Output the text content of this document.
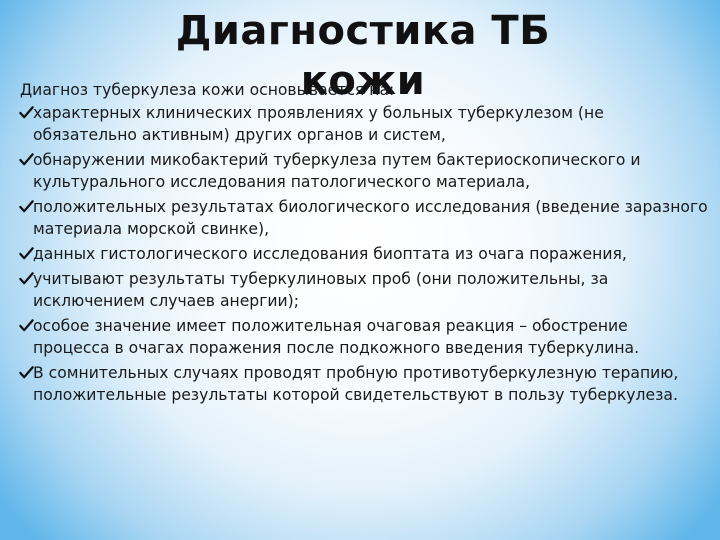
Диагностика ТБ кожи
Диагноз туберкулеза кожи основывается на:
характерных клинических проявлениях у больных туберкулезом (не обязательно активным) других органов и систем,
обнаружении микобактерий туберкулеза путем бактериоскопического и культурального исследования патологического материала,
положительных результатах биологического исследования (введение заразного материала морской свинке),
данных гистологического исследования биоптата из очага поражения,
учитывают результаты туберкулиновых проб (они положительны, за исключением случаев анергии);
особое значение имеет положительная очаговая реакция – обострение процесса в очагах поражения после подкожного введения туберкулина.
В сомнительных случаях проводят пробную противотуберкулезную терапию, положительные результаты которой свидетельствуют в пользу туберкулеза.
